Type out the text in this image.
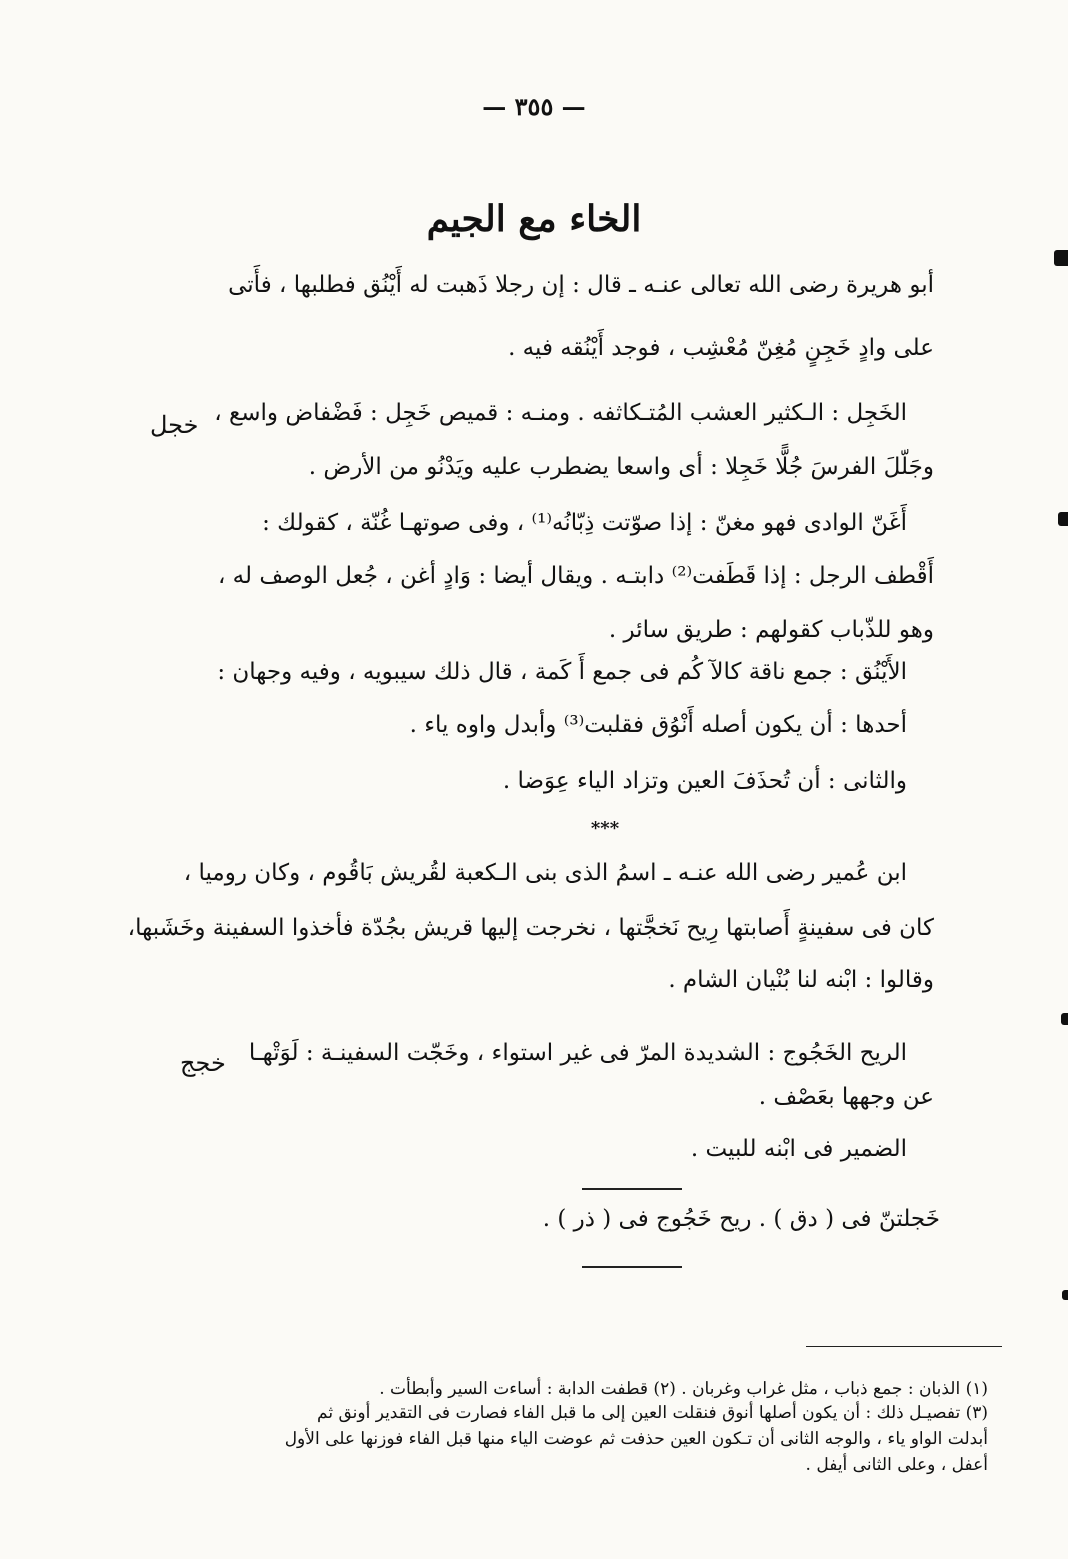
— ٣٥٥ —
الخاء مع الجيم
أبو هريرة رضى الله تعالى عنـه ـ قال : إن رجلا ذَهبت له أَيْنُق فطلبها ، فأَتى
على وادٍ خَجِنٍ مُغِنّ مُعْشِب ، فوجد أَيْنُقه فيه .
الخَجِل : الـكثير العشب المُتـكاثفه . ومنـه : قميص خَجِل : فَضْفاض واسع ،
وجَلّلَ الفرسَ جُلًّا خَجِلا : أى واسعا يضطرب عليه ويَدْنُو من الأرض .
أَغَنّ الوادى فهو مغنّ : إذا صوّتت ذِبّانُه⁽¹⁾ ، وفى صوتهـا غُنّة ، كقولك :
أَقْطف الرجل : إذا قَطَفت⁽²⁾ دابتـه . ويقال أيضا : وَادٍ أغن ، جُعل الوصف له ،
وهو للذّباب كقولهم : طريق سائر .
الأَيْنُق : جمع ناقة كالآ كُم فى جمع أَ كَمة ، قال ذلك سيبويه ، وفيه وجهان :
أحدها : أن يكون أصله أَنْوُق فقلبت⁽³⁾ وأبدل واوه ياء .
والثانى : أن تُحذَفَ العين وتزاد الياء عِوَضا .
خجل
***
ابن عُمير رضى الله عنـه ـ اسمُ الذى بنى الـكعبة لقُريش بَاقُوم ، وكان روميا ،
كان فى سفينةٍ أَصابتها رِيح نَخجَّتها ، نخرجت إليها قريش بجُدّة فأخذوا السفينة وخَشَبها،
وقالوا : ابْنه لنا بُنْيان الشام .
الريح الخَجُوج : الشديدة المرّ فى غير استواء ، وخَجّت السفينـة : لَوَتْهـا
عن وجهها بعَصْف .
الضمير فى ابْنه للبيت .
خجج
خَجلتنّ فى ( دق ) . ريح خَجُوج فى ( ذر ) .
(١) الذبان : جمع ذباب ، مثل غراب وغربان . (٢) قطفت الدابة : أساءت السير وأبطأت .
(٣) تفصيـل ذلك : أن يكون أصلها أنوق فنقلت العين إلى ما قبل الفاء فصارت فى التقدير أونق ثم
أبدلت الواو ياء ، والوجه الثانى أن تـكون العين حذفت ثم عوضت الياء منها قبل الفاء فوزنها على الأول
أعفل ، وعلى الثانى أيفل .
